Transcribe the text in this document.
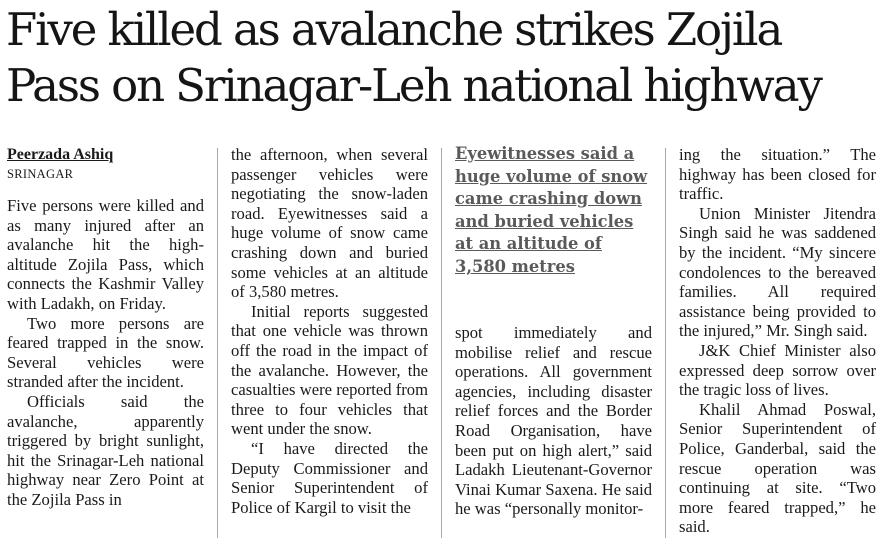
Five killed as avalanche strikes Zojila Pass on Srinagar-Leh national highway

Peerzada Ashiq

SRINAGAR

Five persons were killed and as many injured after an avalanche hit the high-altitude Zojila Pass, which connects the Kashmir Valley with Ladakh, on Friday.

Two more persons are feared trapped in the snow. Several vehicles were stranded after the incident.

Officials said the avalanche, apparently triggered by bright sunlight, hit the Srinagar-Leh national highway near Zero Point at the Zojila Pass in

the afternoon, when several passenger vehicles were negotiating the snow-laden road. Eyewitnesses said a huge volume of snow came crashing down and buried some vehicles at an altitude of 3,580 metres.

Initial reports suggested that one vehicle was thrown off the road in the impact of the avalanche. However, the casualties were reported from three to four vehicles that went under the snow.

“I have directed the Deputy Commissioner and Senior Superintendent of Police of Kargil to visit the

Eyewitnesses said a huge volume of snow came crashing down and buried vehicles at an altitude of 3,580 metres

spot immediately and mobilise relief and rescue operations. All government agencies, including disaster relief forces and the Border Road Organisation, have been put on high alert,” said Ladakh Lieutenant-Governor Vinai Kumar Saxena. He said he was “personally monitor-

ing the situation.” The highway has been closed for traffic.

Union Minister Jitendra Singh said he was saddened by the incident. “My sincere condolences to the bereaved families. All required assistance being provided to the injured,” Mr. Singh said.

J&K Chief Minister also expressed deep sorrow over the tragic loss of lives.

Khalil Ahmad Poswal, Senior Superintendent of Police, Ganderbal, said the rescue operation was continuing at site. “Two more feared trapped,” he said.
